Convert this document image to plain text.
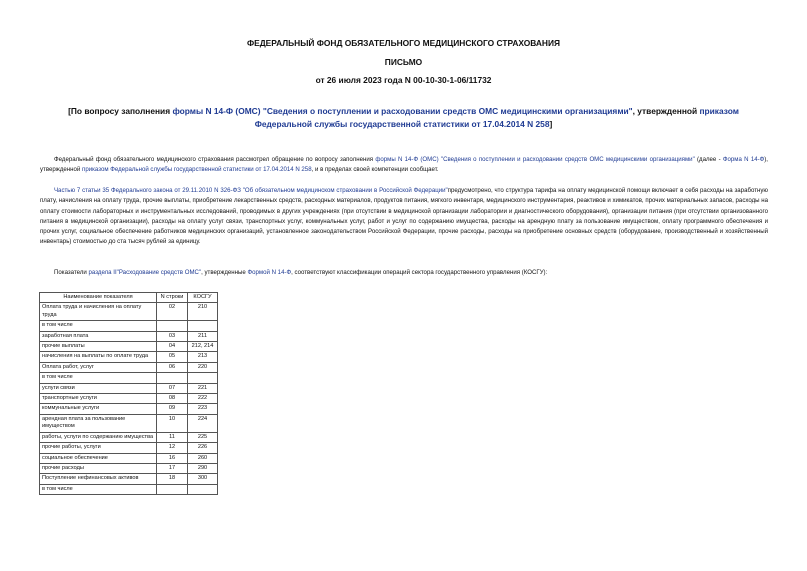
ФЕДЕРАЛЬНЫЙ ФОНД ОБЯЗАТЕЛЬНОГО МЕДИЦИНСКОГО СТРАХОВАНИЯ
ПИСЬМО
от 26 июля 2023 года N 00-10-30-1-06/11732
[По вопросу заполнения формы N 14-Ф (ОМС) "Сведения о поступлении и расходовании средств ОМС медицинскими организациями", утвержденной приказом Федеральной службы государственной статистики от 17.04.2014 N 258]
Федеральный фонд обязательного медицинского страхования рассмотрел обращение по вопросу заполнения формы N 14-Ф (ОМС) "Сведения о поступлении и расходовании средств ОМС медицинскими организациями" (далее - Форма N 14-Ф), утвержденной приказом Федеральной службы государственной статистики от 17.04.2014 N 258, и в пределах своей компетенции сообщает.
Частью 7 статьи 35 Федерального закона от 29.11.2010 N 326-ФЗ "Об обязательном медицинском страховании в Российской Федерации"предусмотрено, что структура тарифа на оплату медицинской помощи включает в себя расходы на заработную плату, начисления на оплату труда, прочие выплаты, приобретение лекарственных средств, расходных материалов, продуктов питания, мягкого инвентаря, медицинского инструментария, реактивов и химикатов, прочих материальных запасов, расходы на оплату стоимости лабораторных и инструментальных исследований, проводимых в других учреждениях (при отсутствии в медицинской организации лаборатории и диагностического оборудования), организации питания (при отсутствии организованного питания в медицинской организации), расходы на оплату услуг связи, транспортных услуг, коммунальных услуг, работ и услуг по содержанию имущества, расходы на арендную плату за пользование имуществом, оплату программного обеспечения и прочих услуг, социальное обеспечение работников медицинских организаций, установленное законодательством Российской Федерации, прочие расходы, расходы на приобретение основных средств (оборудование, производственный и хозяйственный инвентарь) стоимостью до ста тысяч рублей за единицу.
Показатели раздела II"Расходование средств ОМС", утвержденные Формой N 14-Ф, соответствуют классификации операций сектора государственного управления (КОСГУ):
Наименование показателя	N строки	КОСГУ
Оплата труда и начисления на оплату труда	02	210
в том числе		
заработная плата	03	211
прочие выплаты	04	212, 214
начисления на выплаты по оплате труда	05	213
Оплата работ, услуг	06	220
в том числе		
услуги связи	07	221
транспортные услуги	08	222
коммунальные услуги	09	223
арендная плата за пользование имуществом	10	224
работы, услуги по содержанию имущества	11	225
прочие работы, услуги	12	226
социальное обеспечение	16	260
прочие расходы	17	290
Поступление нефинансовых активов	18	300
в том числе		
